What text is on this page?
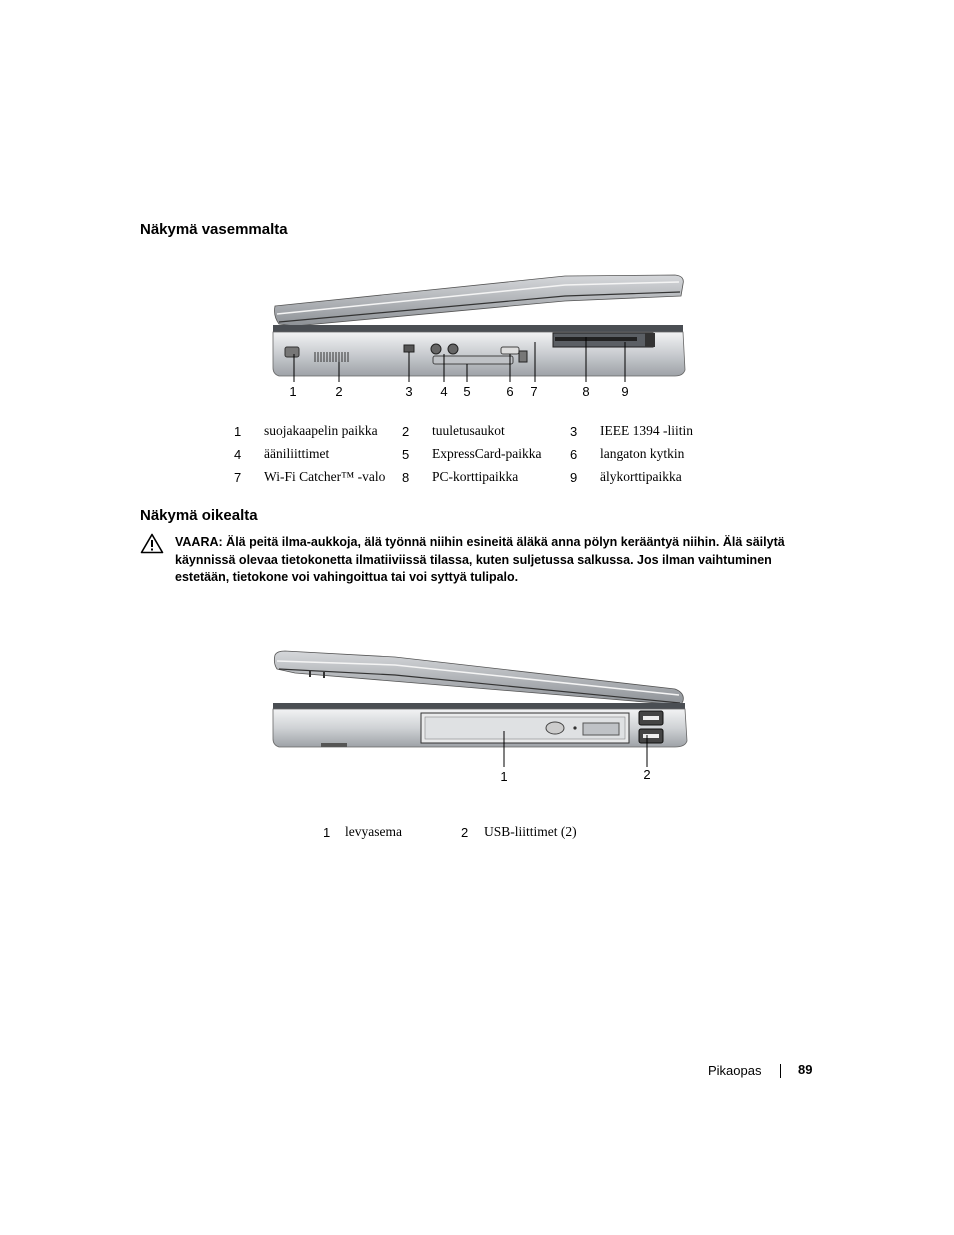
Näkymä vasemmalta
1	2	3 4 5	6 7	8 9
1 suojakaapelin paikka 2 tuuletusaukot	3 IEEE 1394 -liitin
4 ääniliittimet	5 ExpressCard-paikka 6 langaton kytkin
7 Wi-Fi Catcher™ -valo 8 PC-korttipaikka	9 älykorttipaikka
Näkymä oikealta
VAARA: Älä peitä ilma-aukkoja, älä työnnä niihin esineitä äläkä anna pölyn kerääntyä niihin. Älä säilytä käynnissä olevaa tietokonetta ilmatiiviissä tilassa, kuten suljetussa salkussa. Jos ilman vaihtuminen estetään, tietokone voi vahingoittua tai voi syttyä tulipalo.
1	2
1 levyasema	2 USB-liittimet (2)
Pikaopas	89
